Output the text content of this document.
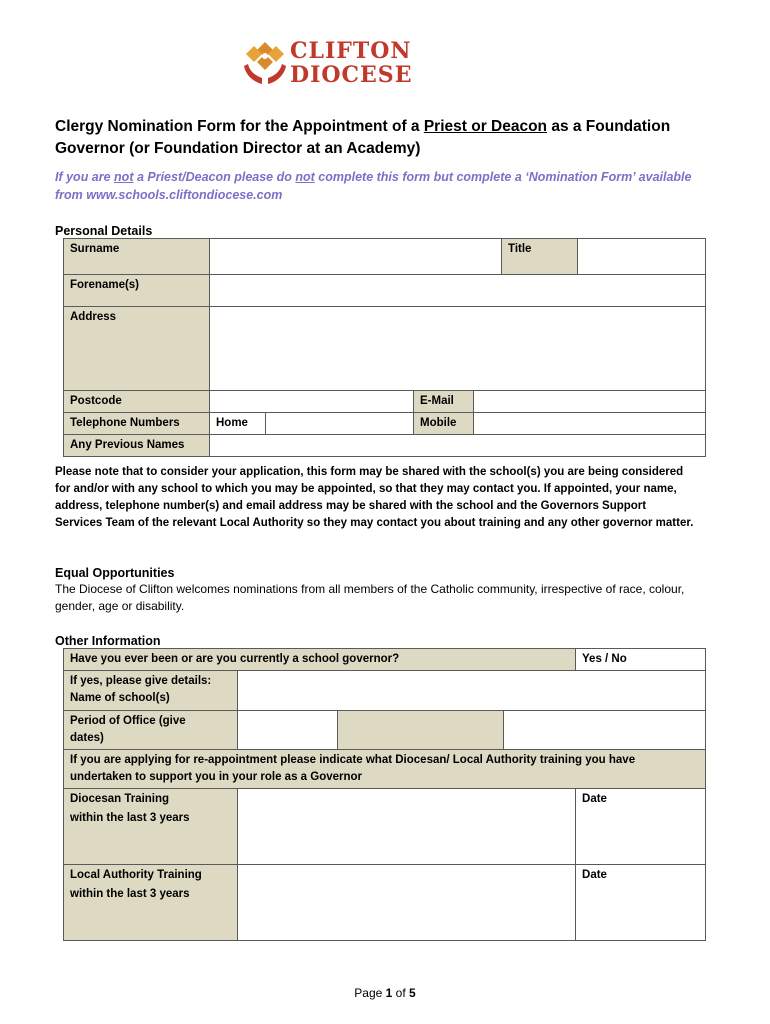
CLIFTON
DIOCESE
Clergy Nomination Form for the Appointment of a Priest or Deacon as a Foundation Governor (or Foundation Director at an Academy)
If you are not a Priest/Deacon please do not complete this form but complete a ‘Nomination Form’ available from www.schools.cliftondiocese.com
Personal Details
Surname					Title	
Forename(s)						
Address						
Postcode			E-Mail			
Telephone Numbers	Home		Mobile			
Any Previous Names						
Please note that to consider your application, this form may be shared with the school(s) you are being considered for and/or with any school to which you may be appointed, so that they may contact you. If appointed, your name, address, telephone number(s) and email address may be shared with the school and the Governors Support Services Team of the relevant Local Authority so they may contact you about training and any other governor matter.
Equal Opportunities
The Diocese of Clifton welcomes nominations from all members of the Catholic community, irrespective of race, colour, gender, age or disability.
Other Information
Have you ever been or are you currently a school governor?				Yes / No

If yes, please give details:
Name of school(s)				

Period of Office (give
dates)				

If you are applying for re-appointment please indicate what Diocesan/ Local Authority training you have undertaken to support you in your role as a Governor				

Diocesan Training
within the last 3 years				Date

Local Authority Training
within the last 3 years				Date
Page 1 of 5
